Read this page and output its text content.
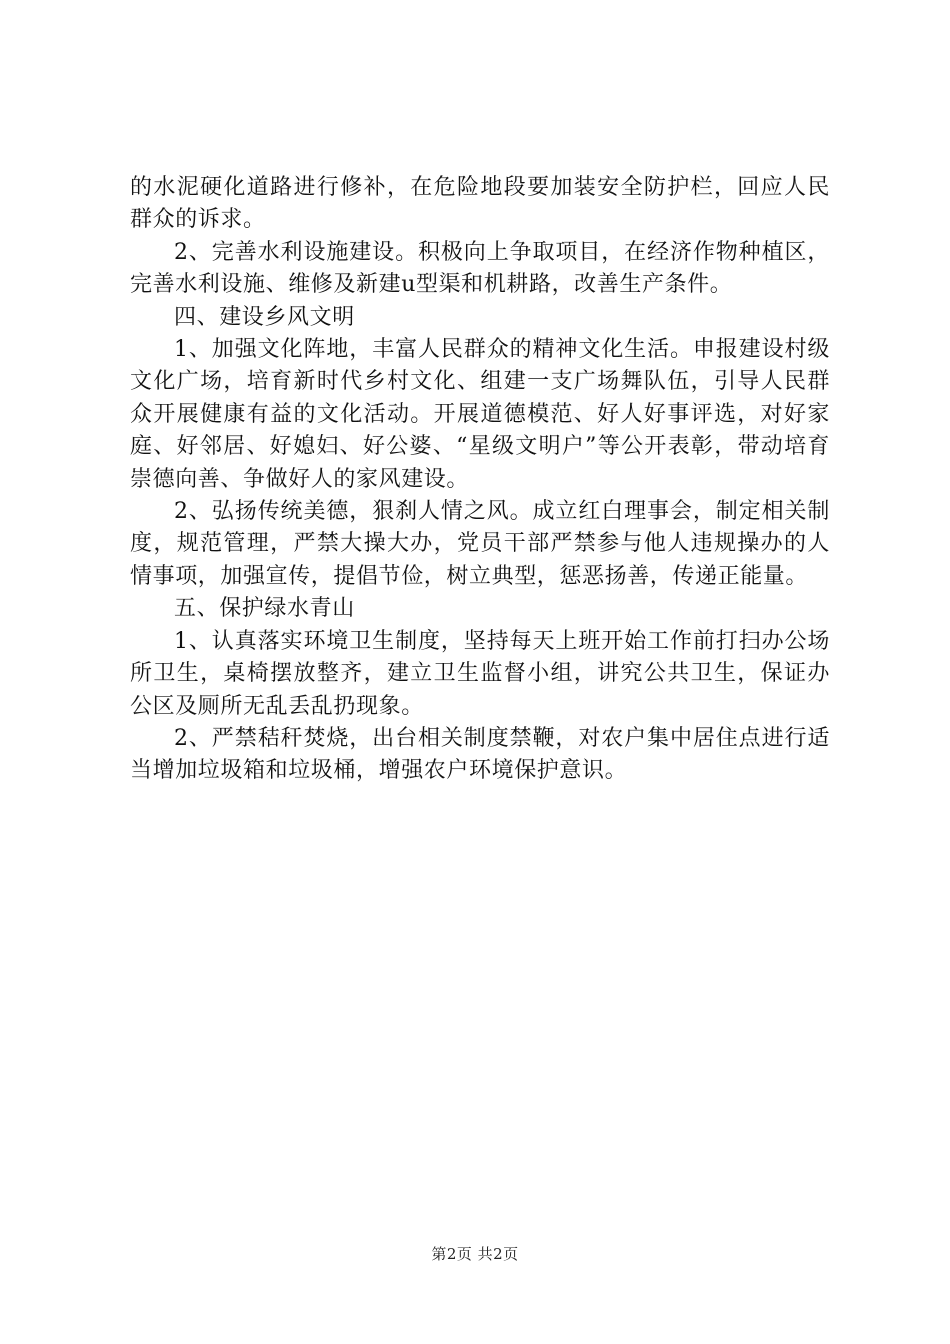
的水泥硬化道路进行修补，在危险地段要加装安全防护栏，回应人民群众的诉求。

2、完善水利设施建设。积极向上争取项目，在经济作物种植区，完善水利设施、维修及新建u型渠和机耕路，改善生产条件。

四、建设乡风文明

1、加强文化阵地，丰富人民群众的精神文化生活。申报建设村级文化广场，培育新时代乡村文化、组建一支广场舞队伍，引导人民群众开展健康有益的文化活动。开展道德模范、好人好事评选，对好家庭、好邻居、好媳妇、好公婆、“星级文明户”等公开表彰，带动培育崇德向善、争做好人的家风建设。

2、弘扬传统美德，狠刹人情之风。成立红白理事会，制定相关制度，规范管理，严禁大操大办，党员干部严禁参与他人违规操办的人情事项，加强宣传，提倡节俭，树立典型，惩恶扬善，传递正能量。

五、保护绿水青山

1、认真落实环境卫生制度，坚持每天上班开始工作前打扫办公场所卫生，桌椅摆放整齐，建立卫生监督小组，讲究公共卫生，保证办公区及厕所无乱丢乱扔现象。

2、严禁秸秆焚烧，出台相关制度禁鞭，对农户集中居住点进行适当增加垃圾箱和垃圾桶，增强农户环境保护意识。

第2页 共2页
